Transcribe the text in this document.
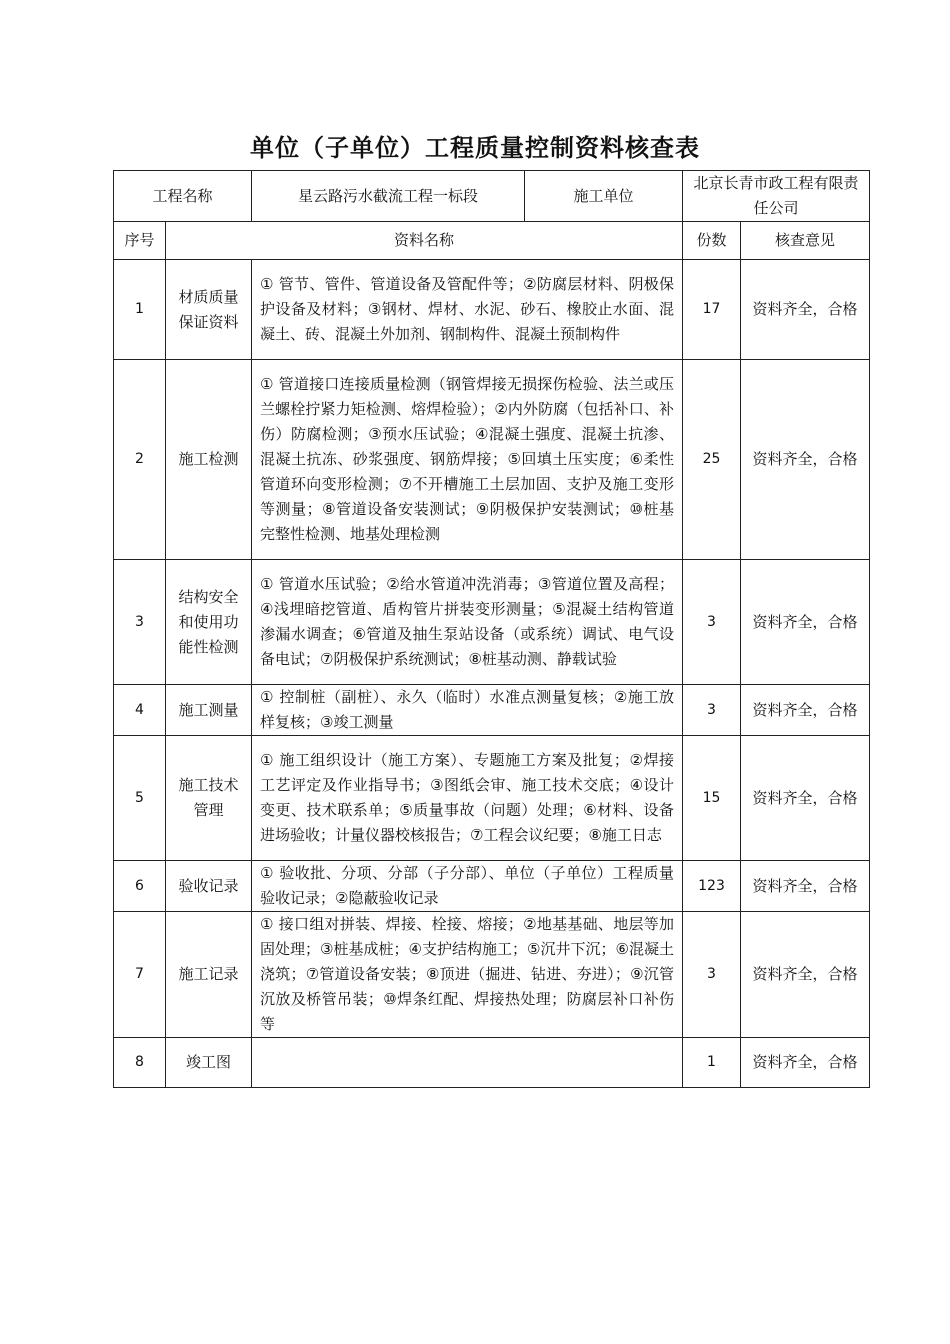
单位（子单位）工程质量控制资料核查表
工程名称		星云路污水截流工程一标段	施工单位	北京长青市政工程有限责任公司	
序号	资料名称			份数	核查意见
1	材质质量保证资料	① 管节、管件、管道设备及管配件等；②防腐层材料、阴极保护设备及材料；③钢材、焊材、水泥、砂石、橡胶止水面、混凝土、砖、混凝土外加剂、钢制构件、混凝土预制构件		17	资料齐全，合格
2	施工检测	① 管道接口连接质量检测（钢管焊接无损探伤检验、法兰或压兰螺栓拧紧力矩检测、熔焊检验）；②内外防腐（包括补口、补伤）防腐检测；③预水压试验；④混凝土强度、混凝土抗渗、混凝土抗冻、砂浆强度、钢筋焊接；⑤回填土压实度；⑥柔性管道环向变形检测；⑦不开槽施工土层加固、支护及施工变形等测量；⑧管道设备安装测试；⑨阴极保护安装测试；⑩桩基完整性检测、地基处理检测		25	资料齐全，合格
3	结构安全和使用功能性检测	① 管道水压试验；②给水管道冲洗消毒；③管道位置及高程；④浅埋暗挖管道、盾构管片拼装变形测量；⑤混凝土结构管道渗漏水调查；⑥管道及抽生泵站设备（或系统）调试、电气设备电试；⑦阴极保护系统测试；⑧桩基动测、静载试验		3	资料齐全，合格
4	施工测量	① 控制桩（副桩）、永久（临时）水准点测量复核；②施工放样复核；③竣工测量		3	资料齐全，合格
5	施工技术管理	① 施工组织设计（施工方案）、专题施工方案及批复；②焊接工艺评定及作业指导书；③图纸会审、施工技术交底；④设计变更、技术联系单；⑤质量事故（问题）处理；⑥材料、设备进场验收；计量仪器校核报告；⑦工程会议纪要；⑧施工日志		15	资料齐全，合格
6	验收记录	① 验收批、分项、分部（子分部）、单位（子单位）工程质量验收记录；②隐蔽验收记录		123	资料齐全，合格
7	施工记录	① 接口组对拼装、焊接、栓接、熔接；②地基基础、地层等加固处理；③桩基成桩；④支护结构施工；⑤沉井下沉；⑥混凝土浇筑；⑦管道设备安装；⑧顶进（掘进、钻进、夯进）；⑨沉管沉放及桥管吊装；⑩焊条红配、焊接热处理；防腐层补口补伤等		3	资料齐全，合格
8	竣工图			1	资料齐全，合格
